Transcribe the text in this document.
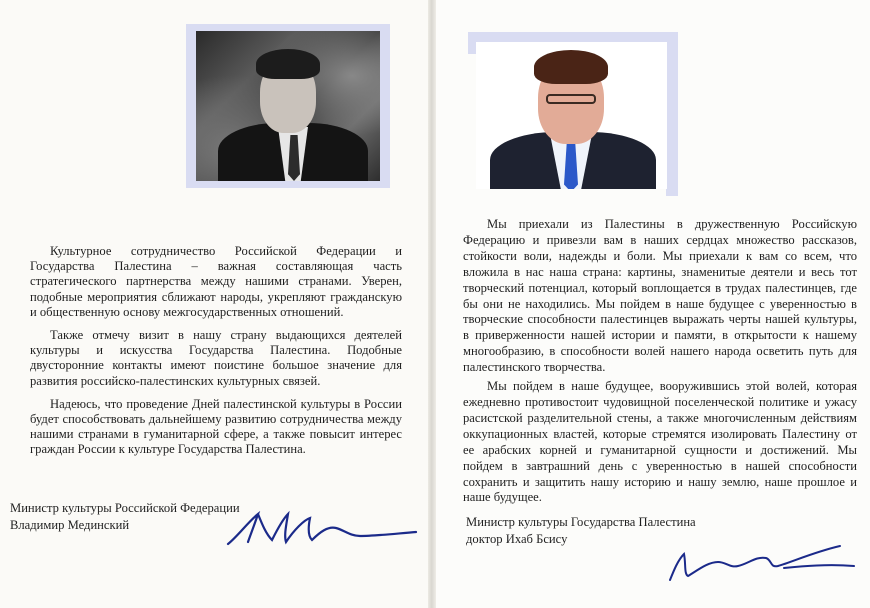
Культурное сотрудничество Российской Федерации и Государства Палестина – важная составляющая часть стратегического партнерства между нашими странами. Уверен, подобные мероприятия сближают народы, укрепляют гражданскую и общественную основу межгосударственных отношений.

Также отмечу визит в нашу страну выдающихся деятелей культуры и искусства Государства Палестина. Подобные двусторонние контакты имеют поистине большое значение для развития российско-палестинских культурных связей.

Надеюсь, что проведение Дней палестинской культуры в России будет способствовать дальнейшему развитию сотрудничества между нашими странами в гуманитарной сфере, а также повысит интерес граждан России к культуре Государства Палестина.

Мы приехали из Палестины в дружественную Российскую Федерацию и привезли вам в наших сердцах множество рассказов, стойкости воли, надежды и боли. Мы приехали к вам со всем, что вложила в нас наша страна: картины, знаменитые деятели и весь тот творческий потенциал, который воплощается в трудах палестинцев, где бы они не находились. Мы пойдем в наше будущее с уверенностью в творческие способности палестинцев выражать черты нашей культуры, в приверженности нашей истории и памяти, в открытости к нашему многообразию, в способности волей нашего народа осветить путь для палестинского творчества.

Мы пойдем в наше будущее, вооружившись этой волей, которая ежедневно противостоит чудовищной поселенческой политике и ужасу расистской разделительной стены, а также многочисленным действиям оккупационных властей, которые стремятся изолировать Палестину от ее арабских корней и гуманитарной сущности и достижений. Мы пойдем в завтрашний день с уверенностью в нашей способности сохранить и защитить нашу историю и нашу землю, наше прошлое и наше будущее.

Министр культуры Российской Федерации
Владимир Мединский	Министр культуры Государства Палестина
доктор Ихаб Бсису
